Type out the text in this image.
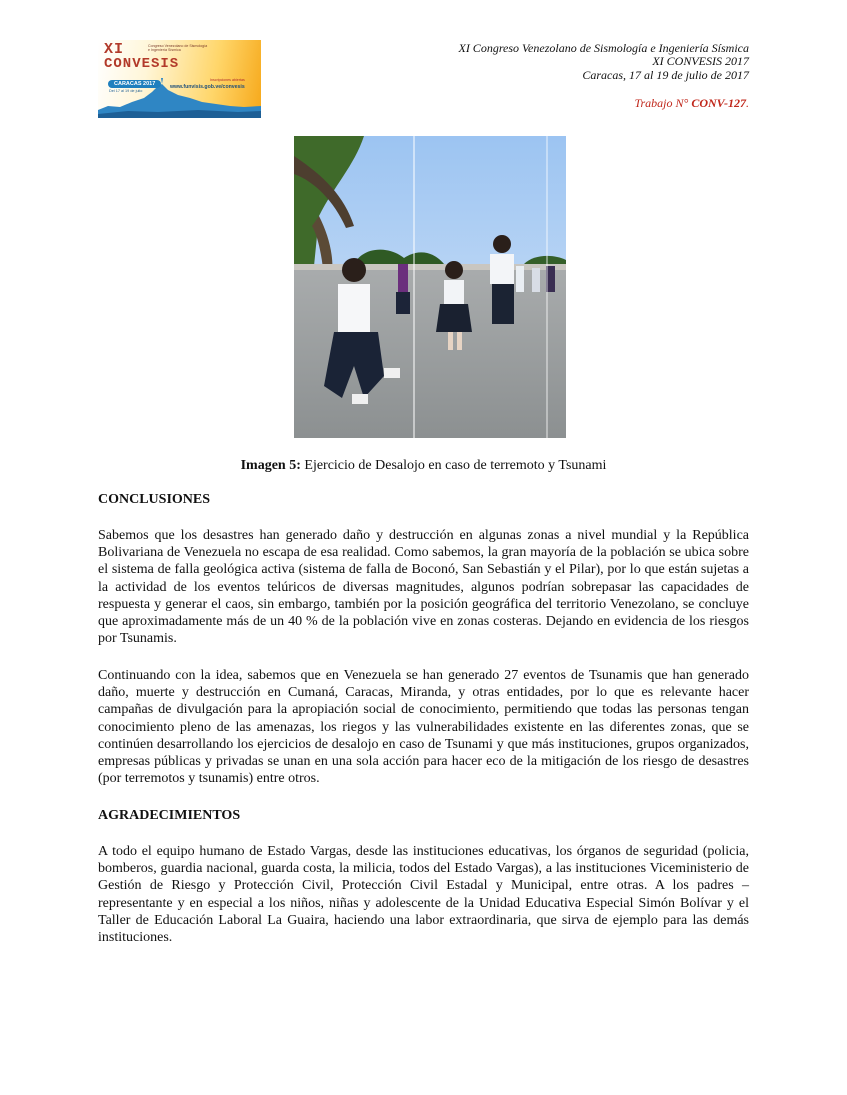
XI
CONVESIS
Congreso Venezolano de Sismología e Ingeniería Sísmica
CARACAS 2017
Del 17 al 19 de julio
Inscripciones abiertas
www.funvisis.gob.ve/convesis
XI Congreso Venezolano de Sismología e Ingeniería Sísmica
XI CONVESIS 2017
Caracas, 17 al 19 de julio de 2017
Trabajo N° CONV-127.
Imagen 5: Ejercicio de Desalojo en caso de terremoto y Tsunami
CONCLUSIONES

Sabemos que los desastres han generado daño y destrucción en algunas zonas a nivel mundial y la República Bolivariana de Venezuela no escapa de esa realidad. Como sabemos, la gran mayoría de la población se ubica sobre el sistema de falla geológica activa (sistema de falla de Boconó, San Sebastián y el Pilar), por lo que están sujetas a la actividad de los eventos telúricos de diversas magnitudes, algunos podrían sobrepasar las capacidades de respuesta y generar el caos, sin embargo, también por la posición geográfica del territorio Venezolano, se concluye que aproximadamente más de un 40 % de la población vive en zonas costeras. Dejando en evidencia de los riesgos por Tsunamis.

Continuando con la idea, sabemos que en Venezuela se han generado 27 eventos de Tsunamis que han generado daño, muerte y destrucción en Cumaná, Caracas, Miranda, y otras entidades, por lo que es relevante hacer campañas de divulgación para la apropiación social de conocimiento, permitiendo que todas las personas tengan conocimiento pleno de las amenazas, los riegos y las vulnerabilidades existente en las diferentes zonas, que se continúen desarrollando los ejercicios de desalojo en caso de Tsunami y que más instituciones, grupos organizados, empresas públicas y privadas se unan en una sola acción para hacer eco de la mitigación de los riesgo de desastres (por terremotos y tsunamis) entre otros.

AGRADECIMIENTOS

A todo el equipo humano de Estado Vargas, desde las instituciones educativas, los órganos de seguridad (policia, bomberos, guardia nacional, guarda costa, la milicia, todos del Estado Vargas), a las instituciones Viceministerio de Gestión de Riesgo y Protección Civil, Protección Civil Estadal y Municipal, entre otras. A los padres – representante y en especial a los niños, niñas y adolescente de la Unidad Educativa Especial Simón Bolívar y el Taller de Educación Laboral La Guaira, haciendo una labor extraordinaria, que sirva de ejemplo para las demás instituciones.
